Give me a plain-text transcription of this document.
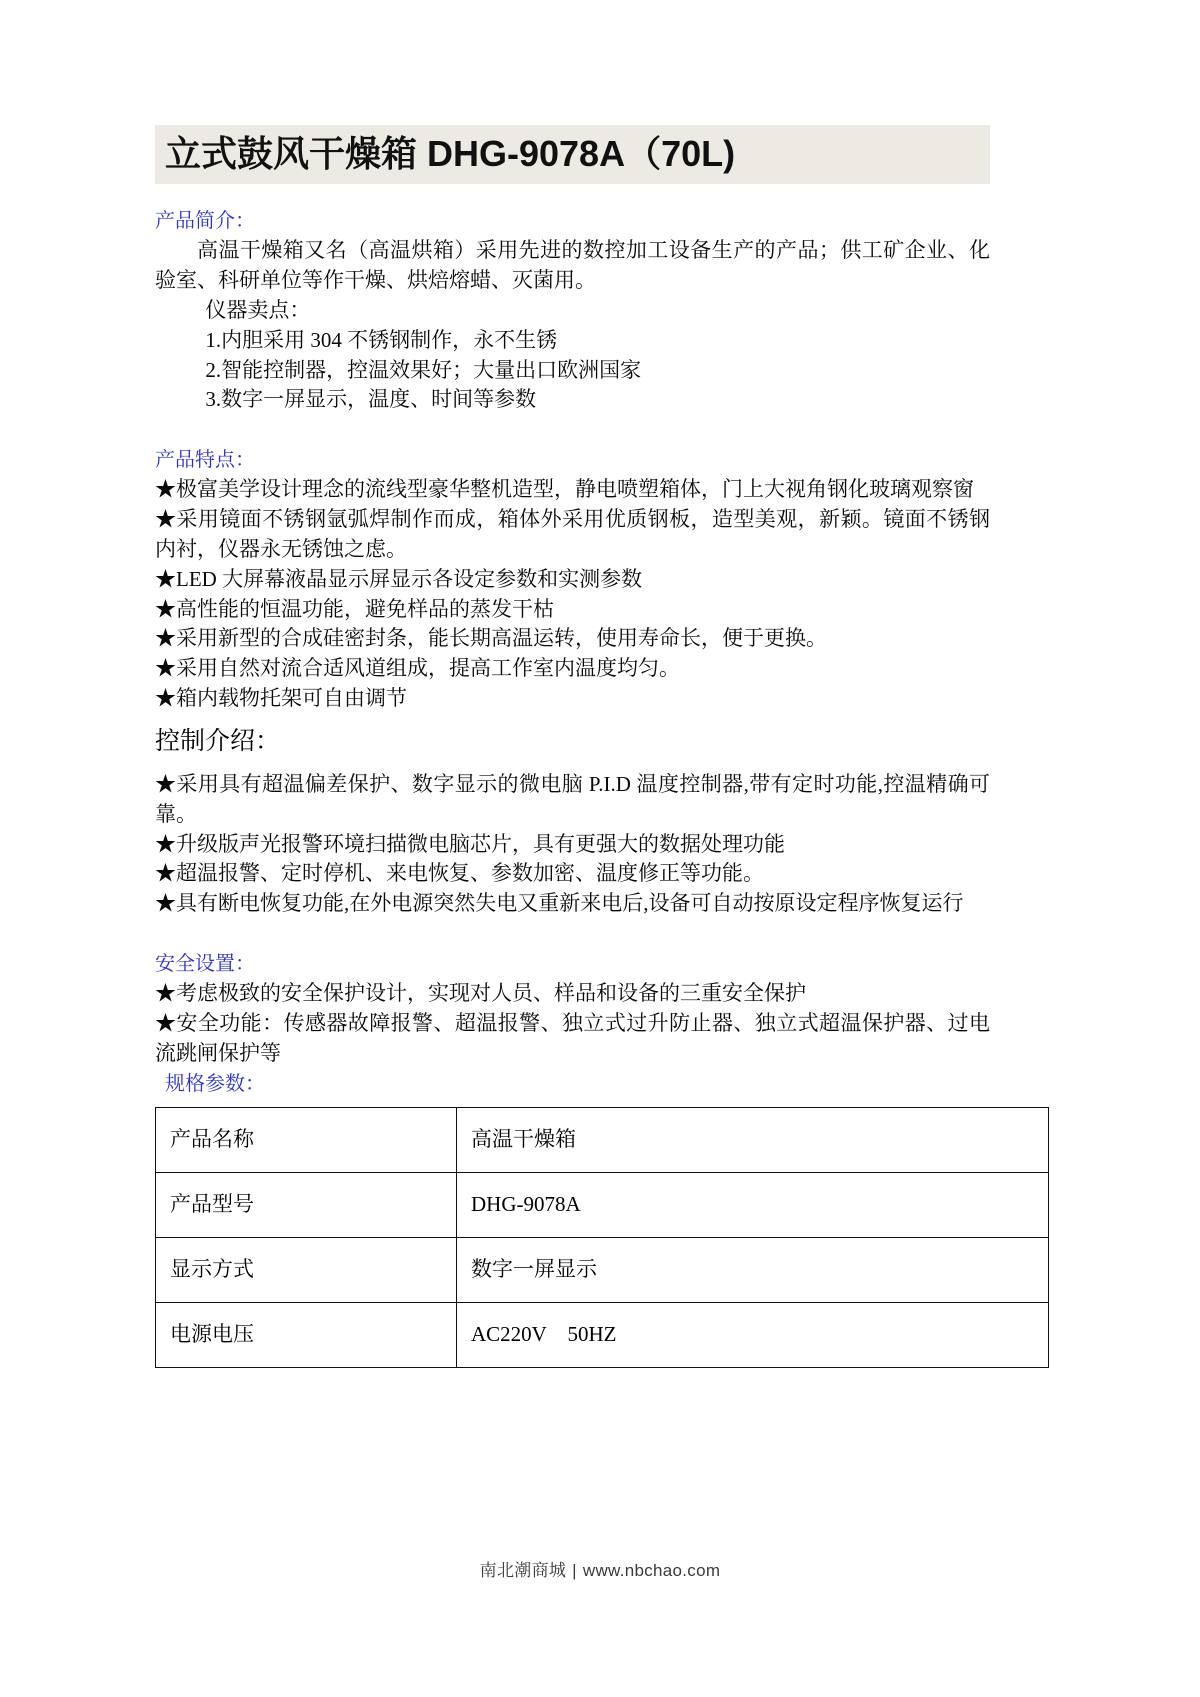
立式鼓风干燥箱 DHG-9078A（70L)
产品简介：
高温干燥箱又名（高温烘箱）采用先进的数控加工设备生产的产品；供工矿企业、化验室、科研单位等作干燥、烘焙熔蜡、灭菌用。
仪器卖点：
1.内胆采用 304 不锈钢制作，永不生锈
2.智能控制器，控温效果好；大量出口欧洲国家
3.数字一屏显示，温度、时间等参数
产品特点：
★极富美学设计理念的流线型豪华整机造型，静电喷塑箱体，门上大视角钢化玻璃观察窗
★采用镜面不锈钢氩弧焊制作而成，箱体外采用优质钢板，造型美观，新颖。镜面不锈钢内衬，仪器永无锈蚀之虑。
★LED 大屏幕液晶显示屏显示各设定参数和实测参数
★高性能的恒温功能，避免样品的蒸发干枯
★采用新型的合成硅密封条，能长期高温运转，使用寿命长，便于更换。
★采用自然对流合适风道组成，提高工作室内温度均匀。
★箱内载物托架可自由调节
控制介绍：
★采用具有超温偏差保护、数字显示的微电脑 P.I.D 温度控制器,带有定时功能,控温精确可靠。
★升级版声光报警环境扫描微电脑芯片，具有更强大的数据处理功能
★超温报警、定时停机、来电恢复、参数加密、温度修正等功能。
★具有断电恢复功能,在外电源突然失电又重新来电后,设备可自动按原设定程序恢复运行
安全设置：
★考虑极致的安全保护设计，实现对人员、样品和设备的三重安全保护
★安全功能：传感器故障报警、超温报警、独立式过升防止器、独立式超温保护器、过电流跳闸保护等
规格参数：
产品名称	高温干燥箱
产品型号	DHG-9078A
显示方式	数字一屏显示
电源电压	AC220V    50HZ
南北潮商城 | www.nbchao.com
